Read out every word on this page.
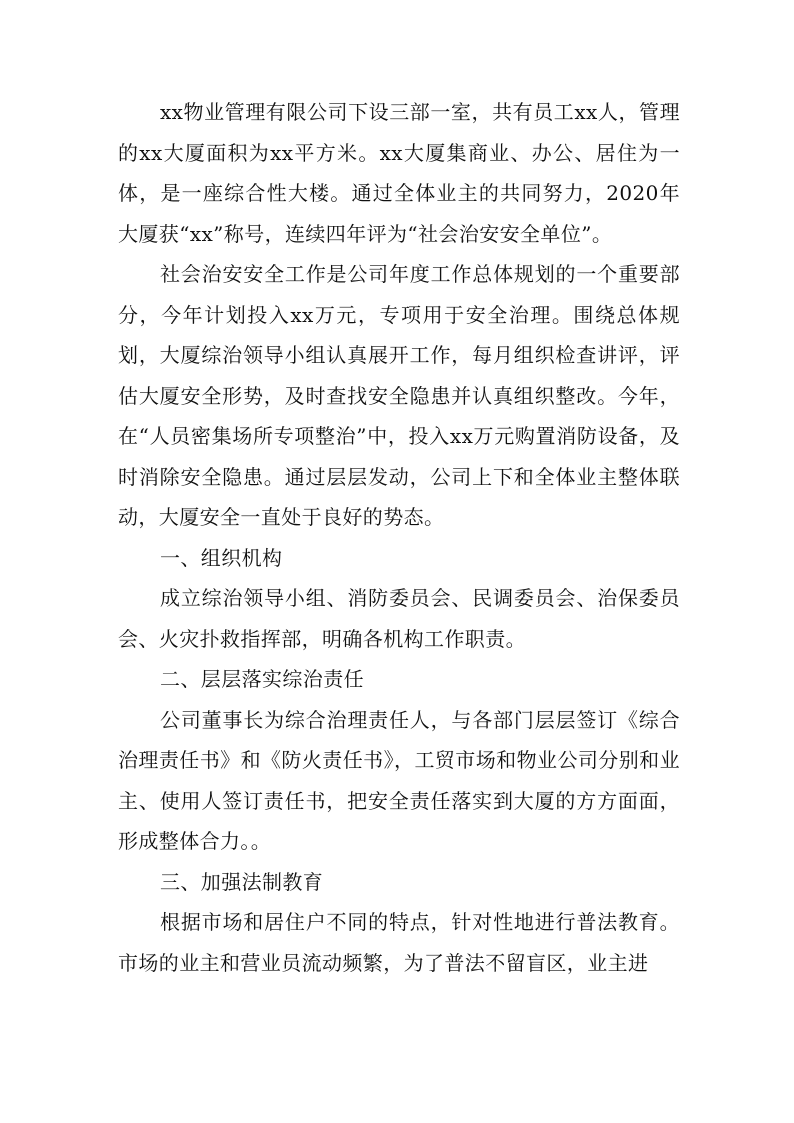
xx物业管理有限公司下设三部一室，共有员工xx人，管理的xx大厦面积为xx平方米。xx大厦集商业、办公、居住为一体，是一座综合性大楼。通过全体业主的共同努力，2020年大厦获“xx”称号，连续四年评为“社会治安安全单位”。

社会治安安全工作是公司年度工作总体规划的一个重要部分，今年计划投入xx万元，专项用于安全治理。围绕总体规划，大厦综治领导小组认真展开工作，每月组织检查讲评，评估大厦安全形势，及时查找安全隐患并认真组织整改。今年，在“人员密集场所专项整治”中，投入xx万元购置消防设备，及时消除安全隐患。通过层层发动，公司上下和全体业主整体联动，大厦安全一直处于良好的势态。

一、组织机构

成立综治领导小组、消防委员会、民调委员会、治保委员会、火灾扑救指挥部，明确各机构工作职责。

二、层层落实综治责任

公司董事长为综合治理责任人，与各部门层层签订《综合治理责任书》和《防火责任书》，工贸市场和物业公司分别和业主、使用人签订责任书，把安全责任落实到大厦的方方面面，形成整体合力。。

三、加强法制教育

根据市场和居住户不同的特点，针对性地进行普法教育。市场的业主和营业员流动频繁，为了普法不留盲区，业主进
